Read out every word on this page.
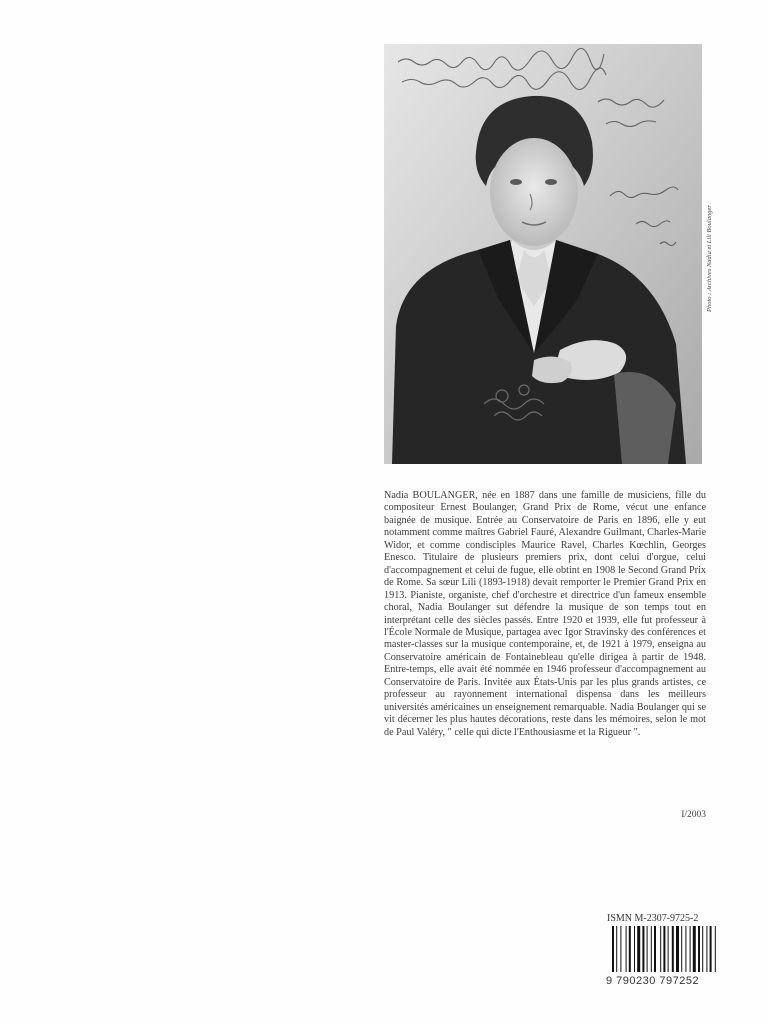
Photo : Archives Nadia et Lili Boulanger

Nadia BOULANGER, née en 1887 dans une famille de musiciens, fille du compositeur Ernest Boulanger, Grand Prix de Rome, vécut une enfance baignée de musique. Entrée au Conservatoire de Paris en 1896, elle y eut notamment comme maîtres Gabriel Fauré, Alexandre Guilmant, Charles-Marie Widor, et comme condisciples Maurice Ravel, Charles Kœchlin, Georges Enesco. Titulaire de plusieurs premiers prix, dont celui d'orgue, celui d'accompagnement et celui de fugue, elle obtint en 1908 le Second Grand Prix de Rome. Sa sœur Lili (1893-1918) devait remporter le Premier Grand Prix en 1913. Pianiste, organiste, chef d'orchestre et directrice d'un fameux ensemble choral, Nadia Boulanger sut défendre la musique de son temps tout en interprétant celle des siècles passés. Entre 1920 et 1939, elle fut professeur à l'École Normale de Musique, partagea avec Igor Stravinsky des conférences et master-classes sur la musique contemporaine, et, de 1921 à 1979, enseigna au Conservatoire américain de Fontainebleau qu'elle dirigea à partir de 1948. Entre-temps, elle avait été nommée en 1946 professeur d'accompagnement au Conservatoire de Paris. Invitée aux États-Unis par les plus grands artistes, ce professeur au rayonnement international dispensa dans les meilleurs universités américaines un enseignement remarquable. Nadia Boulanger qui se vit décerner les plus hautes décorations, reste dans les mémoires, selon le mot de Paul Valéry, " celle qui dicte l'Enthousiasme et la Rigueur ".

I/2003
ISMN M-2307-9725-2
9 790230 797252
